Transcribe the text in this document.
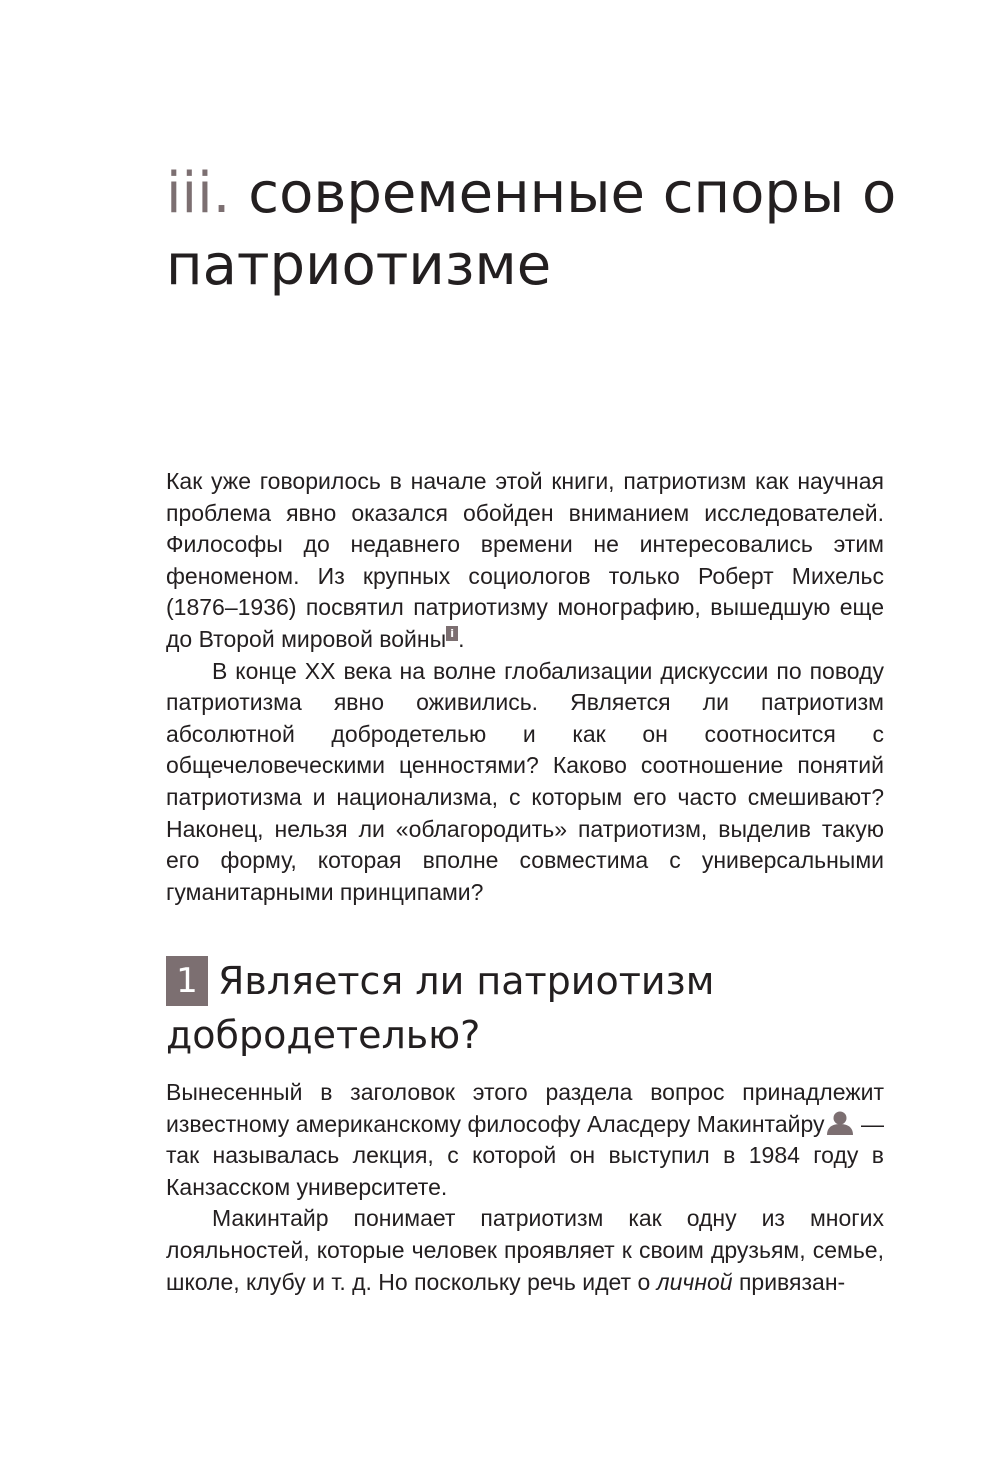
iii. современные споры о патриотизме

Как уже говорилось в начале этой книги, патриотизм как научная проблема явно оказался обойден вниманием исследователей. Философы до недавнего времени не интересовались этим феноменом. Из крупных социологов только Роберт Михельс (1876–1936) посвятил патриотизму монографию, вышедшую еще до Второй мировой войны i .

В конце XX века на волне глобализации дискуссии по поводу патриотизма явно оживились. Является ли патриотизм абсолютной добродетелью и как он соотносится с общечеловеческими ценностями? Каково соотношение понятий патриотизма и национализма, с которым его часто смешивают? Наконец, нельзя ли «облагородить» патриотизм, выделив такую его форму, которая вполне совместима с универсальными гуманитарными принципами?

1 Является ли патриотизм добродетелью?

Вынесенный в заголовок этого раздела вопрос принадлежит известному американскому философу Аласдеру Макинтайру
— так называлась лекция, с которой он выступил в 1984 году в Канзасском университете.

Макинтайр понимает патриотизм как одну из многих лояльностей, которые человек проявляет к своим друзьям, семье, школе, клубу и т. д. Но поскольку речь идет о личной привязан-
